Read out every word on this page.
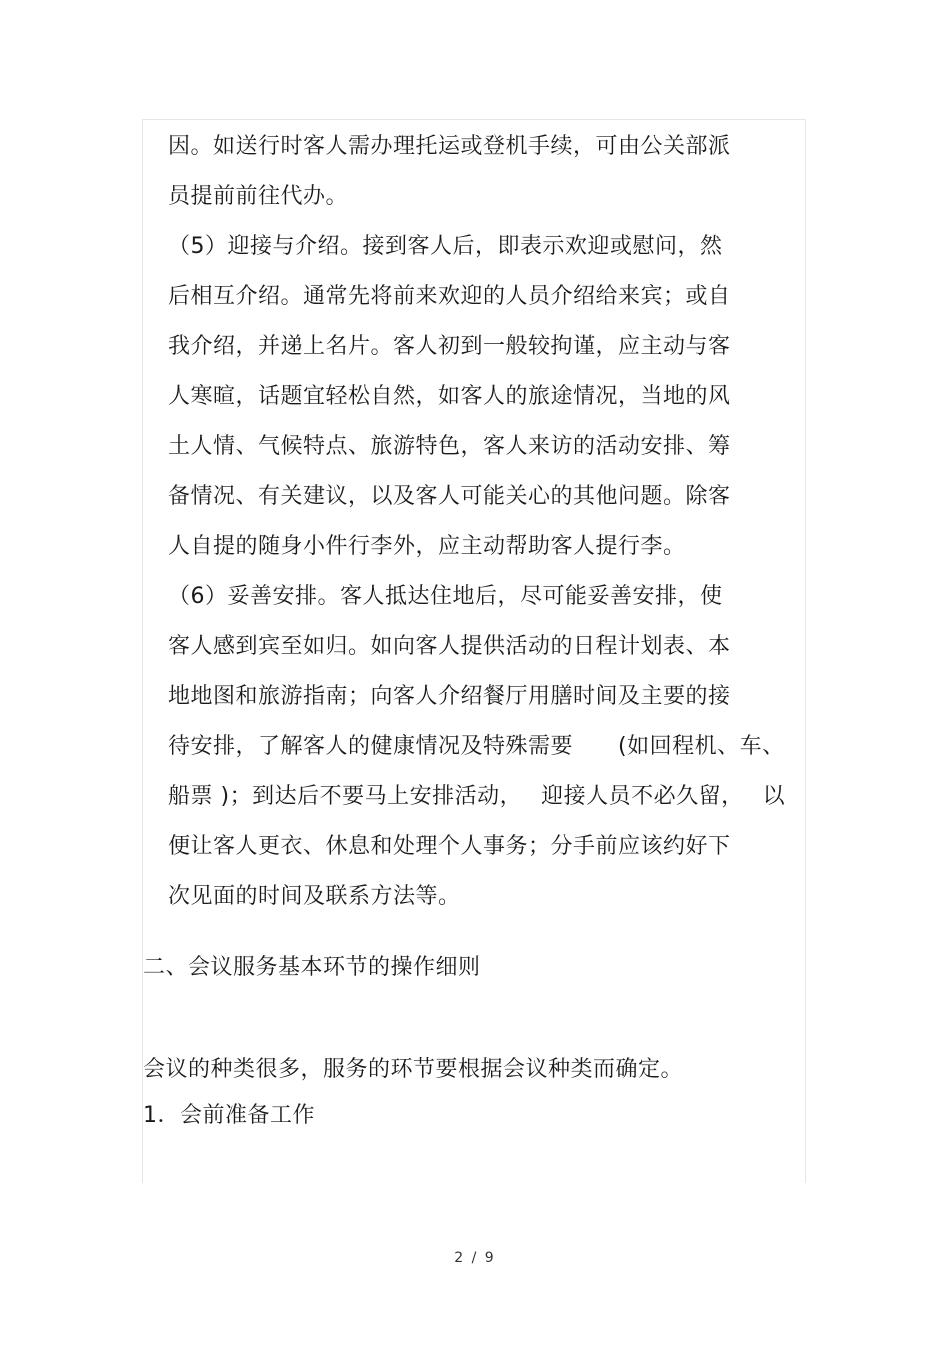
因。如送行时客人需办理托运或登机手续，可由公关部派
员提前前往代办。
（5）迎接与介绍。接到客人后，即表示欢迎或慰问，然
后相互介绍。通常先将前来欢迎的人员介绍给来宾；或自
我介绍，并递上名片。客人初到一般较拘谨，应主动与客
人寒暄，话题宜轻松自然，如客人的旅途情况，当地的风
土人情、气候特点、旅游特色，客人来访的活动安排、筹
备情况、有关建议，以及客人可能关心的其他问题。除客
人自提的随身小件行李外，应主动帮助客人提行李。
（6）妥善安排。客人抵达住地后，尽可能妥善安排，使
客人感到宾至如归。如向客人提供活动的日程计划表、本
地地图和旅游指南；向客人介绍餐厅用膳时间及主要的接
待安排，了解客人的健康情况及特殊需要　　(如回程机、车、
船票 )；到达后不要马上安排活动，　 迎接人员不必久留，　 以
便让客人更衣、休息和处理个人事务；分手前应该约好下
次见面的时间及联系方法等。
二、会议服务基本环节的操作细则
会议的种类很多，服务的环节要根据会议种类而确定。
1．会前准备工作
2 / 9
